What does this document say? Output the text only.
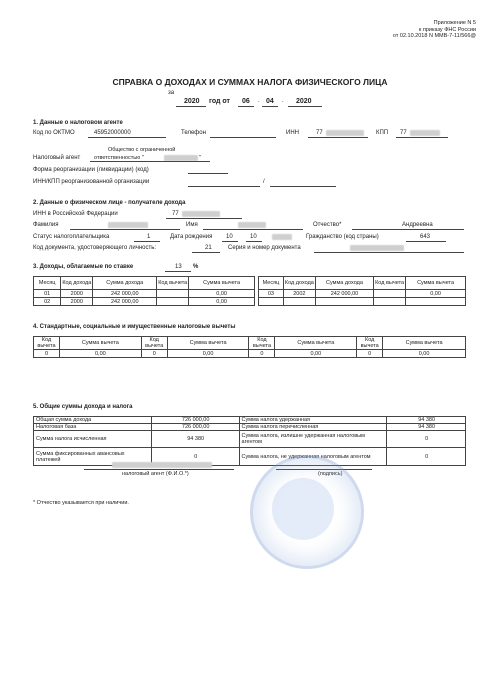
Приложение N 5
к приказу ФНС России
от 02.10.2018 N ММВ-7-11/566@
СПРАВКА О ДОХОДАХ И СУММАХ НАЛОГА ФИЗИЧЕСКОГО ЛИЦА
за
2020 год от 06 . 04 . 2020
1. Данные о налоговом агенте
Код по ОКТМО	45952000000	Телефон	ИНН	77	КПП 77
Общество с ограниченной
Налоговый агент ответственностью "	"
Форма реорганизации (ликвидации) (код)
ИНН/КПП реорганизованной организации	/
2. Данные о физическом лице - получателе дохода
ИНН в Российской Федерации	77
Фамилия	Имя	Отчество*	Андреевна
Статус налогоплательщика	1	Дата рождения 10	10	Гражданство (код страны)	643
Код документа, удостоверяющего личность:	21	Серия и номер документа
3. Доходы, облагаемые по ставке	13 %
Месяц	Код дохода	Сумма дохода	Код вычета	Сумма вычета
01	2000	242 000,00		0,00
02	2000	242 000,00		0,00
Месяц	Код дохода	Сумма дохода	Код вычета	Сумма вычета
03	2002	242 000,00		0,00

4. Стандартные, социальные и имущественные налоговые вычеты
Код вычета	Сумма вычета	Код вычета	Сумма вычета	Код вычета	Сумма вычета	Код вычета	Сумма вычета
0	0,00	0	0,00	0	0,00	0	0,00
5. Общие суммы дохода и налога
Общая сумма дохода	726 000,00	Сумма налога удержанная	94 380
Налоговая база	726 000,00	Сумма налога перечисленная	94 380
Сумма налога исчисленная	94 380	Сумма налога, излишне удержанная налоговым агентом	0
Сумма фиксированных авансовых платежей	0	Сумма налога, не удержанная налоговым агентом	0
налоговый агент (Ф.И.О.*)	(подпись)
* Отчество указывается при наличии.
